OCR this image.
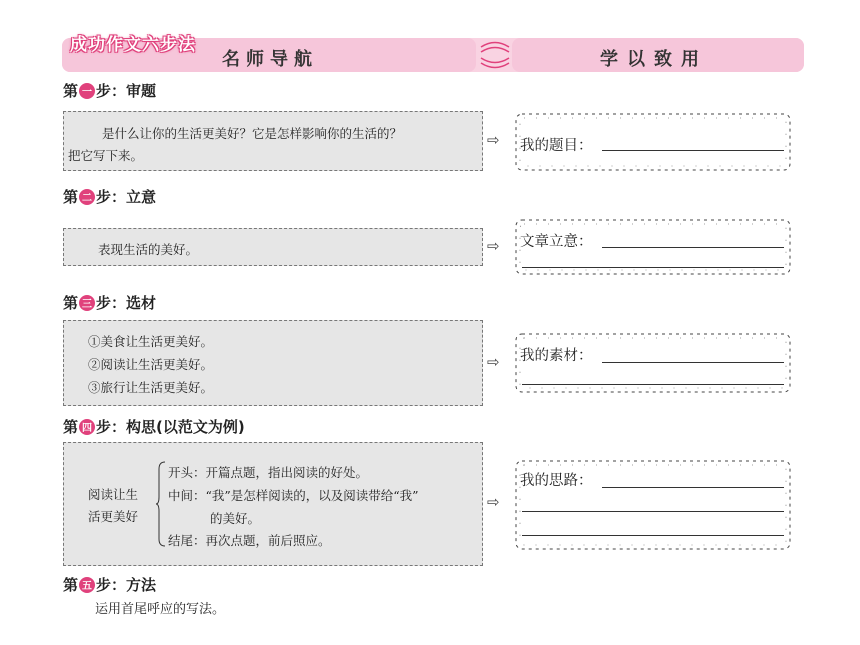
成功作文六步法
名师导航	学以致用
第 一 步：审题
是什么让你的生活更美好？它是怎样影响你的生活的？
把它写下来。
⇨
第 二 步：立意
表现生活的美好。	⇨
第 三 步：选材
①美食让生活更美好。
②阅读让生活更美好。
③旅行让生活更美好。
⇨
第 四 步：构思(以范文为例)
阅读让生
活更美好
开头：开篇点题，指出阅读的好处。
中间：“我”是怎样阅读的，以及阅读带给“我”
的美好。
结尾：再次点题，前后照应。
⇨
第 五 步：方法
运用首尾呼应的写法。
我的题目：
文章立意：
我的素材：
我的思路：
